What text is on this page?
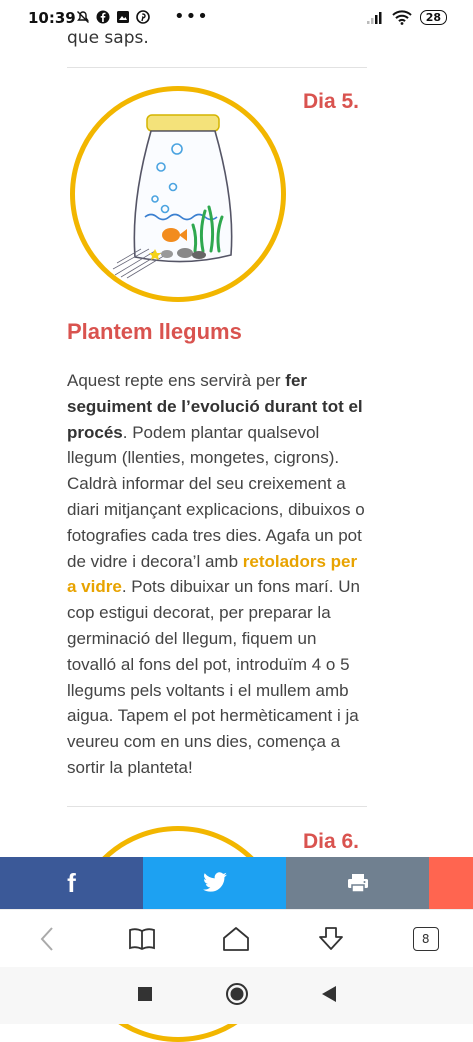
10:39	•••	28
que saps.
Dia 5.
Plantem llegums
Aquest repte ens servirà per fer seguiment de l’evolució durant tot el procés. Podem plantar qualsevol llegum (llenties, mongetes, cigrons). Caldrà informar del seu creixement a diari mitjançant explicacions, dibuixos o fotografies cada tres dies. Agafa un pot de vidre i decora’l amb retoladors per a vidre. Pots dibuixar un fons marí. Un cop estigui decorat, per preparar la germinació del llegum, fiquem un tovalló al fons del pot, introduïm 4 o 5 llegums pels voltants i el mullem amb aigua. Tapem el pot hermèticament i ja veureu com en uns dies, comença a sortir la planteta!
Dia 6.
f
8
